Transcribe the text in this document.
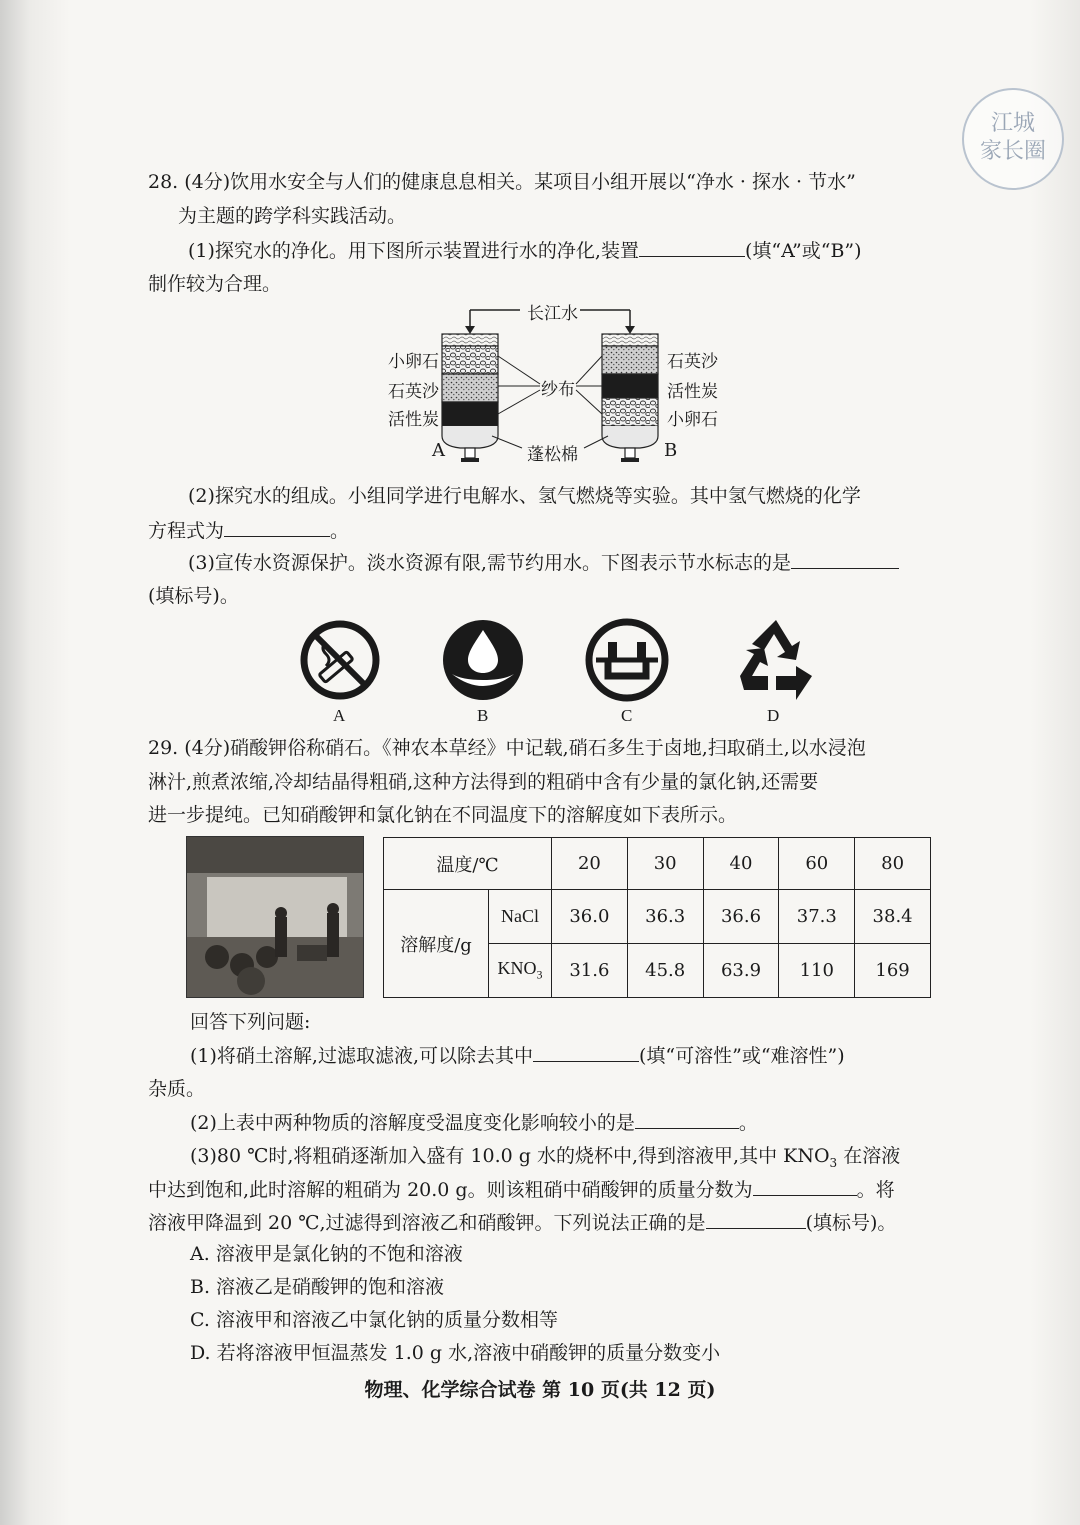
江城
家长圈
28. (4分)饮用水安全与人们的健康息息相关。某项目小组开展以“净水 · 探水 · 节水”
为主题的跨学科实践活动。
(1)探究水的净化。用下图所示装置进行水的净化,装置	(填“A”或“B”)
制作较为合理。
长江水
小卵石
石英沙
活性炭
石英沙
活性炭
小卵石
纱布
蓬松棉
A	B
(2)探究水的组成。小组同学进行电解水、氢气燃烧等实验。其中氢气燃烧的化学
方程式为	。
(3)宣传水资源保护。淡水资源有限,需节约用水。下图表示节水标志的是
(填标号)。
A	B	C	D
29. (4分)硝酸钾俗称硝石。《神农本草经》中记载,硝石多生于卤地,扫取硝土,以水浸泡
淋汁,煎煮浓缩,冷却结晶得粗硝,这种方法得到的粗硝中含有少量的氯化钠,还需要
进一步提纯。已知硝酸钾和氯化钠在不同温度下的溶解度如下表所示。
温度/℃		20	30	40	60	80
溶解度/g	NaCl	36.0	36.3	36.6	37.3	38.4
	$KNO_3$	31.6	45.8	63.9	110	169
回答下列问题:
(1)将硝土溶解,过滤取滤液,可以除去其中	(填“可溶性”或“难溶性”)
杂质。
(2)上表中两种物质的溶解度受温度变化影响较小的是	。
(3)80 ℃时,将粗硝逐渐加入盛有 10.0 g 水的烧杯中,得到溶液甲,其中 $KNO_3$ 在溶液
中达到饱和,此时溶解的粗硝为 20.0 g。则该粗硝中硝酸钾的质量分数为	。将
溶液甲降温到 20 ℃,过滤得到溶液乙和硝酸钾。下列说法正确的是	(填标号)。
A. 溶液甲是氯化钠的不饱和溶液
B. 溶液乙是硝酸钾的饱和溶液
C. 溶液甲和溶液乙中氯化钠的质量分数相等
D. 若将溶液甲恒温蒸发 1.0 g 水,溶液中硝酸钾的质量分数变小
物理、化学综合试卷 第 10 页(共 12 页)
